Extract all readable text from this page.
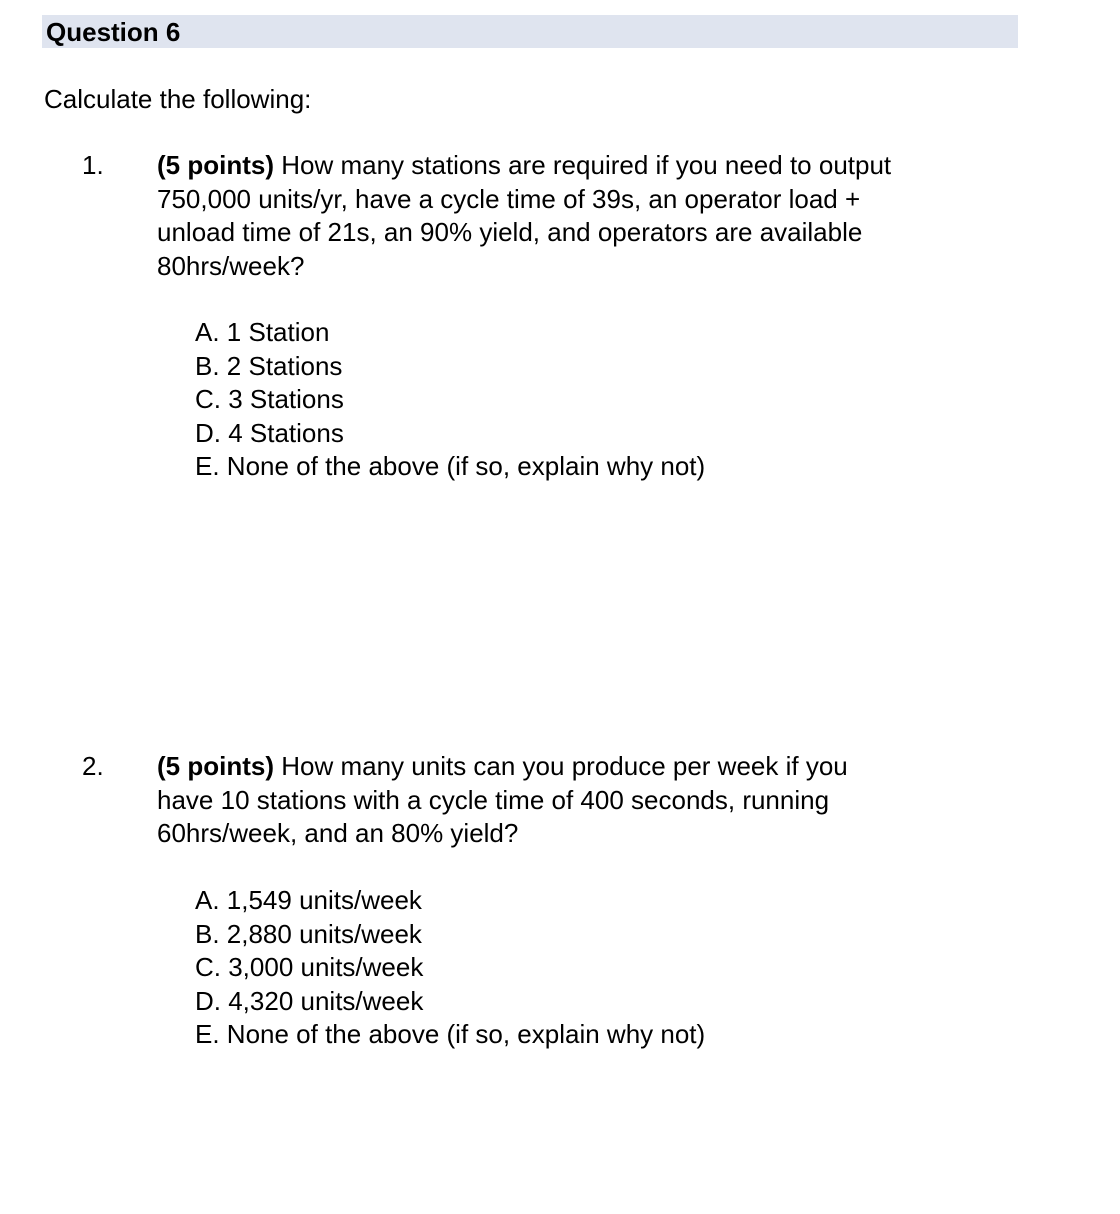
Question 6
Calculate the following:
1. (5 points) How many stations are required if you need to output
750,000 units/yr, have a cycle time of 39s, an operator load +
unload time of 21s, an 90% yield, and operators are available
80hrs/week?
A. 1 Station
B. 2 Stations
C. 3 Stations
D. 4 Stations
E. None of the above (if so, explain why not)
2. (5 points) How many units can you produce per week if you
have 10 stations with a cycle time of 400 seconds, running
60hrs/week, and an 80% yield?
A. 1,549 units/week
B. 2,880 units/week
C. 3,000 units/week
D. 4,320 units/week
E. None of the above (if so, explain why not)
